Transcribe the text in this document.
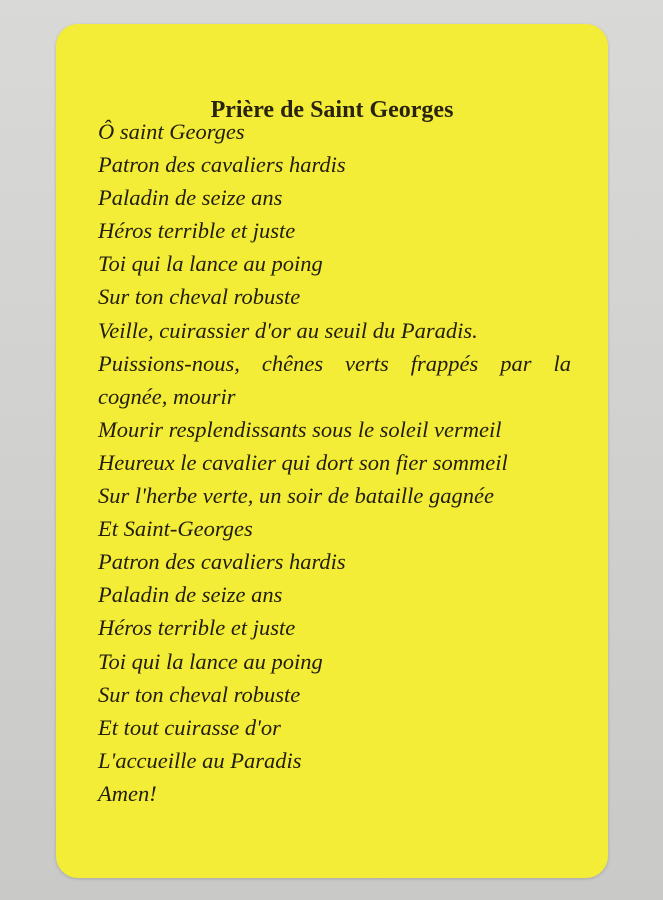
Prière de Saint Georges
Ô saint Georges
Patron des cavaliers hardis
Paladin de seize ans
Héros terrible et juste
Toi qui la lance au poing
Sur ton cheval robuste
Veille, cuirassier d'or au seuil du Paradis.
Puissions-nous, chênes verts frappés par la
cognée, mourir
Mourir resplendissants sous le soleil vermeil
Heureux le cavalier qui dort son fier sommeil
Sur l'herbe verte, un soir de bataille gagnée
Et Saint-Georges
Patron des cavaliers hardis
Paladin de seize ans
Héros terrible et juste
Toi qui la lance au poing
Sur ton cheval robuste
Et tout cuirasse d'or
L'accueille au Paradis
Amen!
